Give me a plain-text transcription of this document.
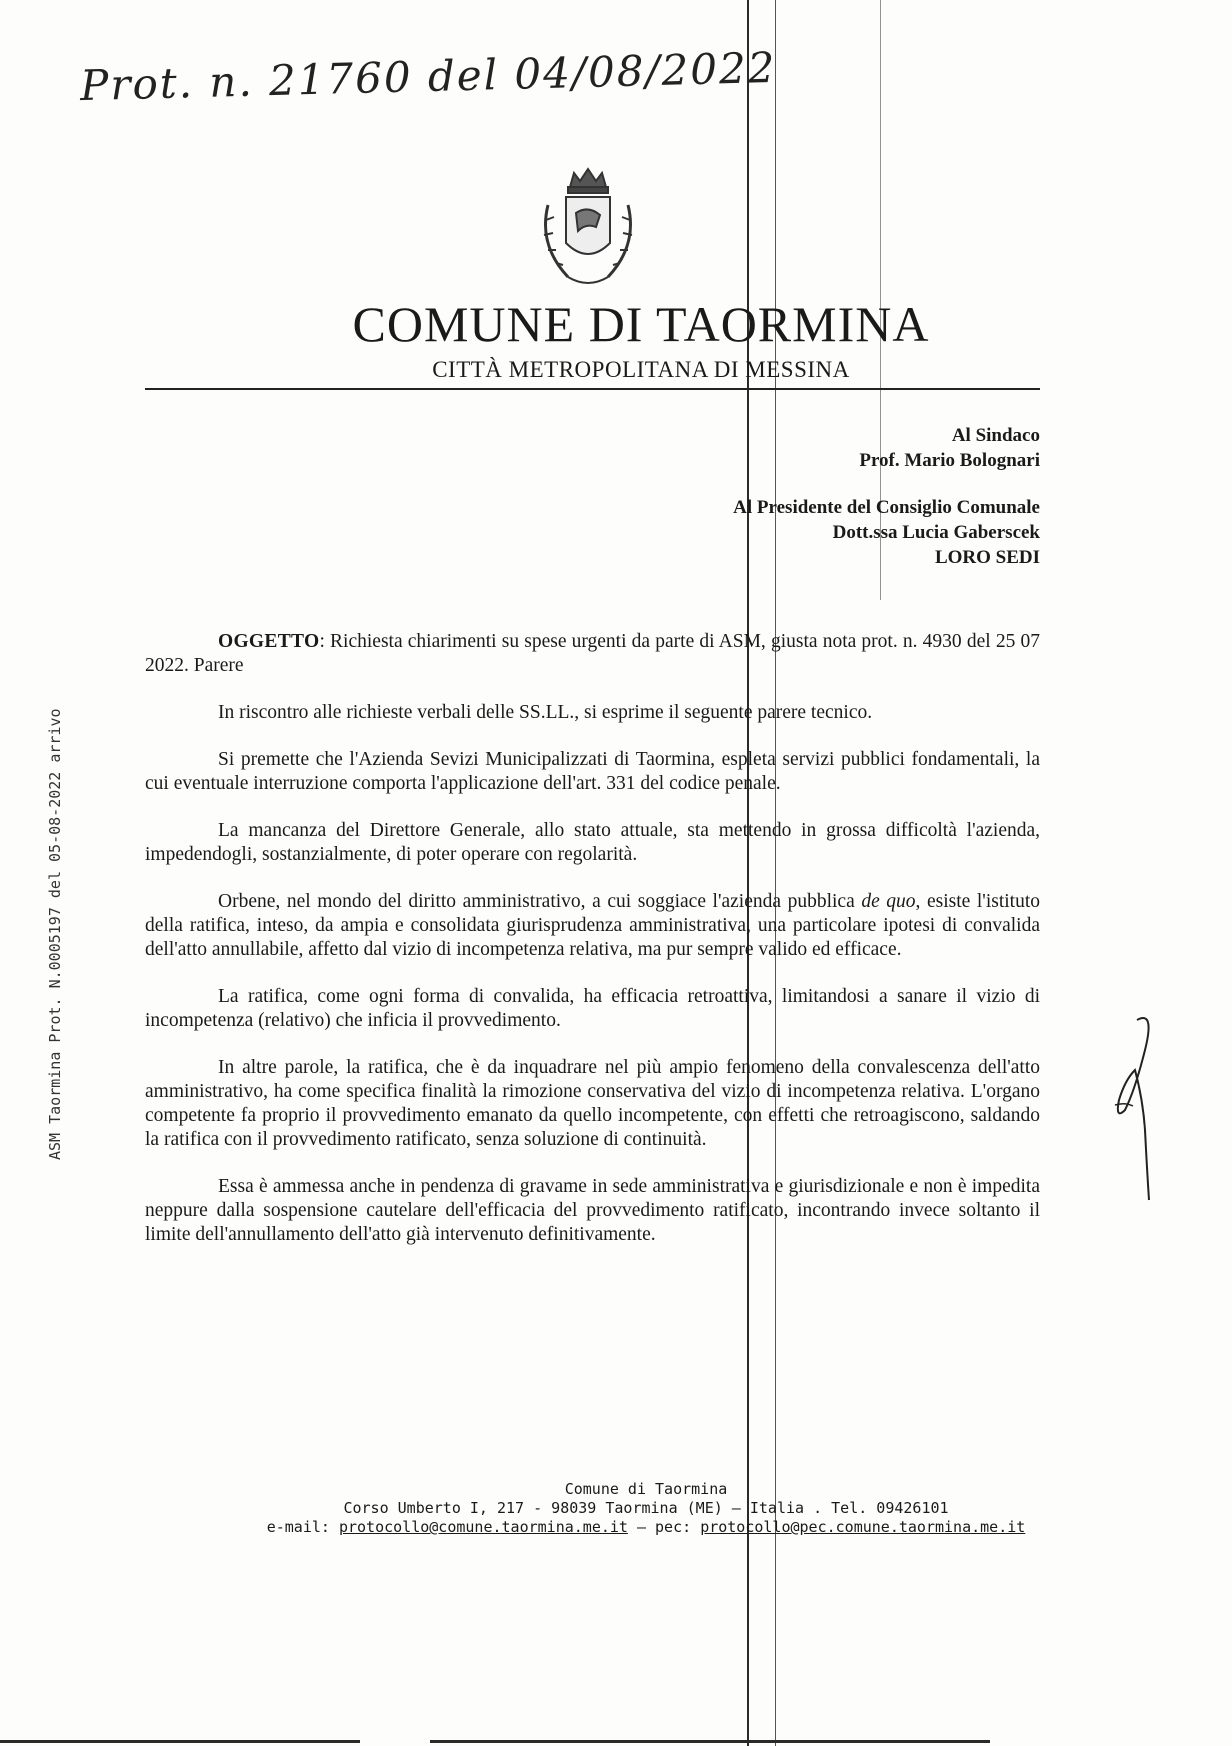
Prot. n. 21760 del 04/08/2022
ASM Taormina Prot. N.0005197 del 05-08-2022 arrivo
COMUNE DI TAORMINA
CITTÀ METROPOLITANA DI MESSINA
Al Sindaco
Prof. Mario Bolognari
Al Presidente del Consiglio Comunale
Dott.ssa Lucia Gaberscek
LORO SEDI

OGGETTO: Richiesta chiarimenti su spese urgenti da parte di ASM, giusta nota prot. n. 4930 del 25 07 2022. Parere

In riscontro alle richieste verbali delle SS.LL., si esprime il seguente parere tecnico.

Si premette che l'Azienda Sevizi Municipalizzati di Taormina, espleta servizi pubblici fondamentali, la cui eventuale interruzione comporta l'applicazione dell'art. 331 del codice penale.

La mancanza del Direttore Generale, allo stato attuale, sta mettendo in grossa difficoltà l'azienda, impedendogli, sostanzialmente, di poter operare con regolarità.

Orbene, nel mondo del diritto amministrativo, a cui soggiace l'azienda pubblica de quo, esiste l'istituto della ratifica, inteso, da ampia e consolidata giurisprudenza amministrativa, una particolare ipotesi di convalida dell'atto annullabile, affetto dal vizio di incompetenza relativa, ma pur sempre valido ed efficace.

La ratifica, come ogni forma di convalida, ha efficacia retroattiva, limitandosi a sanare il vizio di incompetenza (relativo) che inficia il provvedimento.

In altre parole, la ratifica, che è da inquadrare nel più ampio fenomeno della convalescenza dell'atto amministrativo, ha come specifica finalità la rimozione conservativa del vizio di incompetenza relativa. L'organo competente fa proprio il provvedimento emanato da quello incompetente, con effetti che retroagiscono, saldando la ratifica con il provvedimento ratificato, senza soluzione di continuità.

Essa è ammessa anche in pendenza di gravame in sede amministrativa e giurisdizionale e non è impedita neppure dalla sospensione cautelare dell'efficacia del provvedimento ratificato, incontrando invece soltanto il limite dell'annullamento dell'atto già intervenuto definitivamente.

Comune di Taormina
Corso Umberto I, 217 - 98039 Taormina (ME) – Italia . Tel. 09426101
e-mail: protocollo@comune.taormina.me.it – pec: protocollo@pec.comune.taormina.me.it
